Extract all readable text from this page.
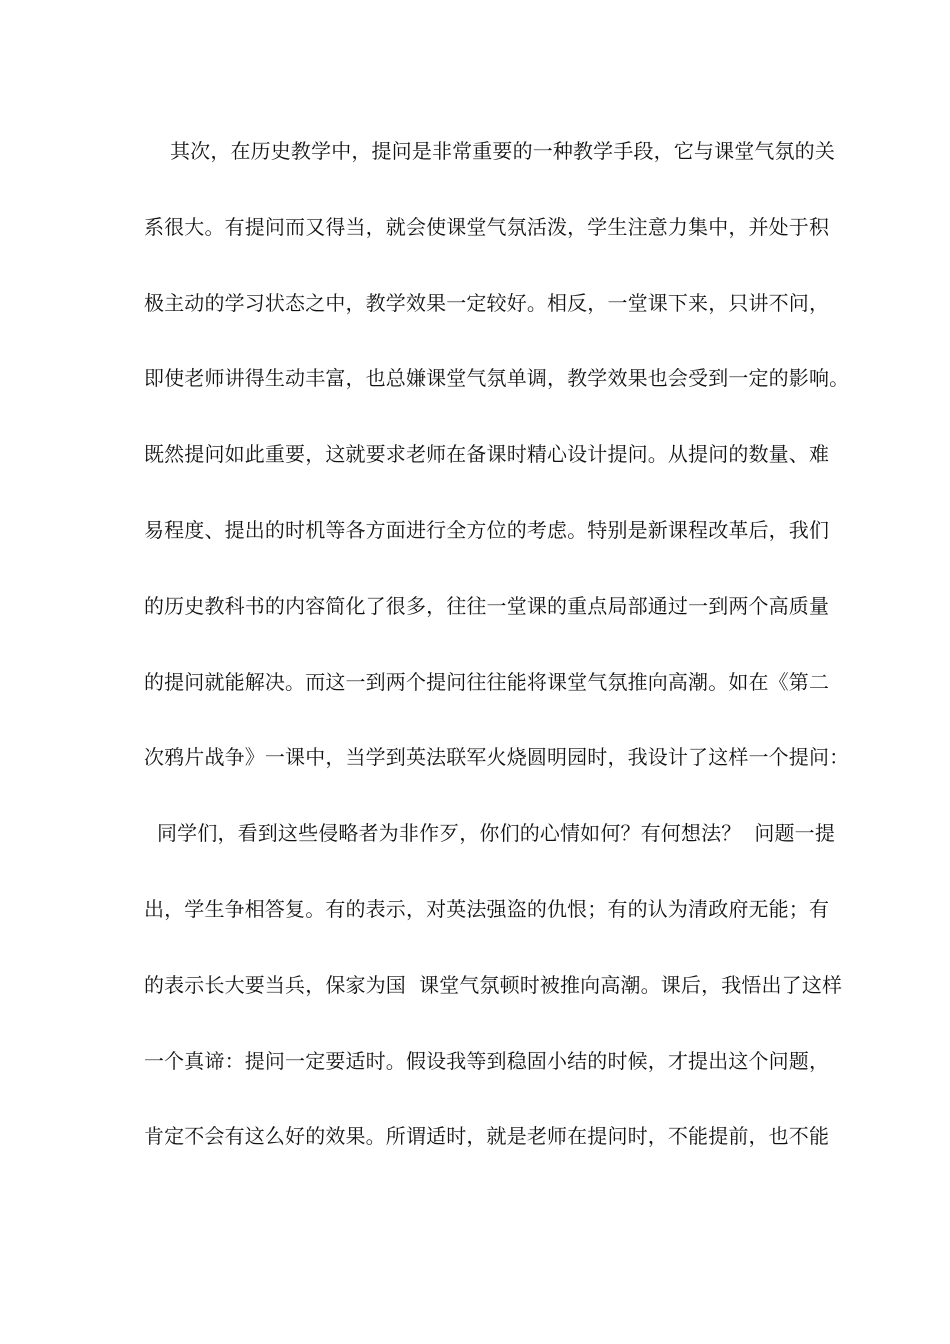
其次，在历史教学中，提问是非常重要的一种教学手段，它与课堂气氛的关
系很大。有提问而又得当，就会使课堂气氛活泼，学生注意力集中，并处于积
极主动的学习状态之中，教学效果一定较好。相反，一堂课下来，只讲不问，
即使老师讲得生动丰富，也总嫌课堂气氛单调，教学效果也会受到一定的影响。
既然提问如此重要，这就要求老师在备课时精心设计提问。从提问的数量、难
易程度、提出的时机等各方面进行全方位的考虑。特别是新课程改革后，我们
的历史教科书的内容简化了很多，往往一堂课的重点局部通过一到两个高质量
的提问就能解决。而这一到两个提问往往能将课堂气氛推向高潮。如在《第二
次鸦片战争》一课中，当学到英法联军火烧圆明园时，我设计了这样一个提问：
同学们，看到这些侵略者为非作歹，你们的心情如何？有何想法？  问题一提
出，学生争相答复。有的表示，对英法强盗的仇恨；有的认为清政府无能；有
的表示长大要当兵，保家为国  课堂气氛顿时被推向高潮。课后，我悟出了这样
一个真谛：提问一定要适时。假设我等到稳固小结的时候，才提出这个问题，
肯定不会有这么好的效果。所谓适时，就是老师在提问时，不能提前，也不能
